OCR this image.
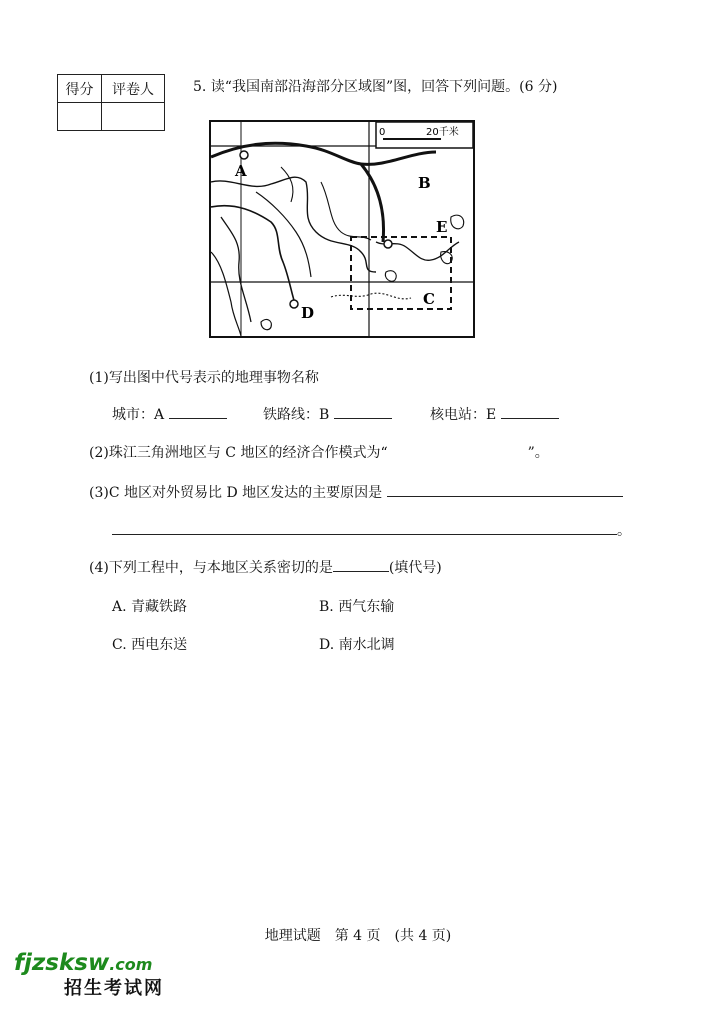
得分	评卷人
		5. 读“我国南部沿海部分区域图”图，回答下列问题。(6 分)
0	20千米
A
B
E
C
D
(1)写出图中代号表示的地理事物名称
城市：A	铁路线：B	核电站：E
(2)珠江三角洲地区与 C 地区的经济合作模式为“	”。
(3)C 地区对外贸易比 D 地区发达的主要原因是
。
(4)下列工程中，与本地区关系密切的是	(填代号)
A. 青藏铁路	B. 西气东输
C. 西电东送	D. 南水北调
地理试题　第 4 页　(共 4 页)
fjzsksw.com
招生考试网
